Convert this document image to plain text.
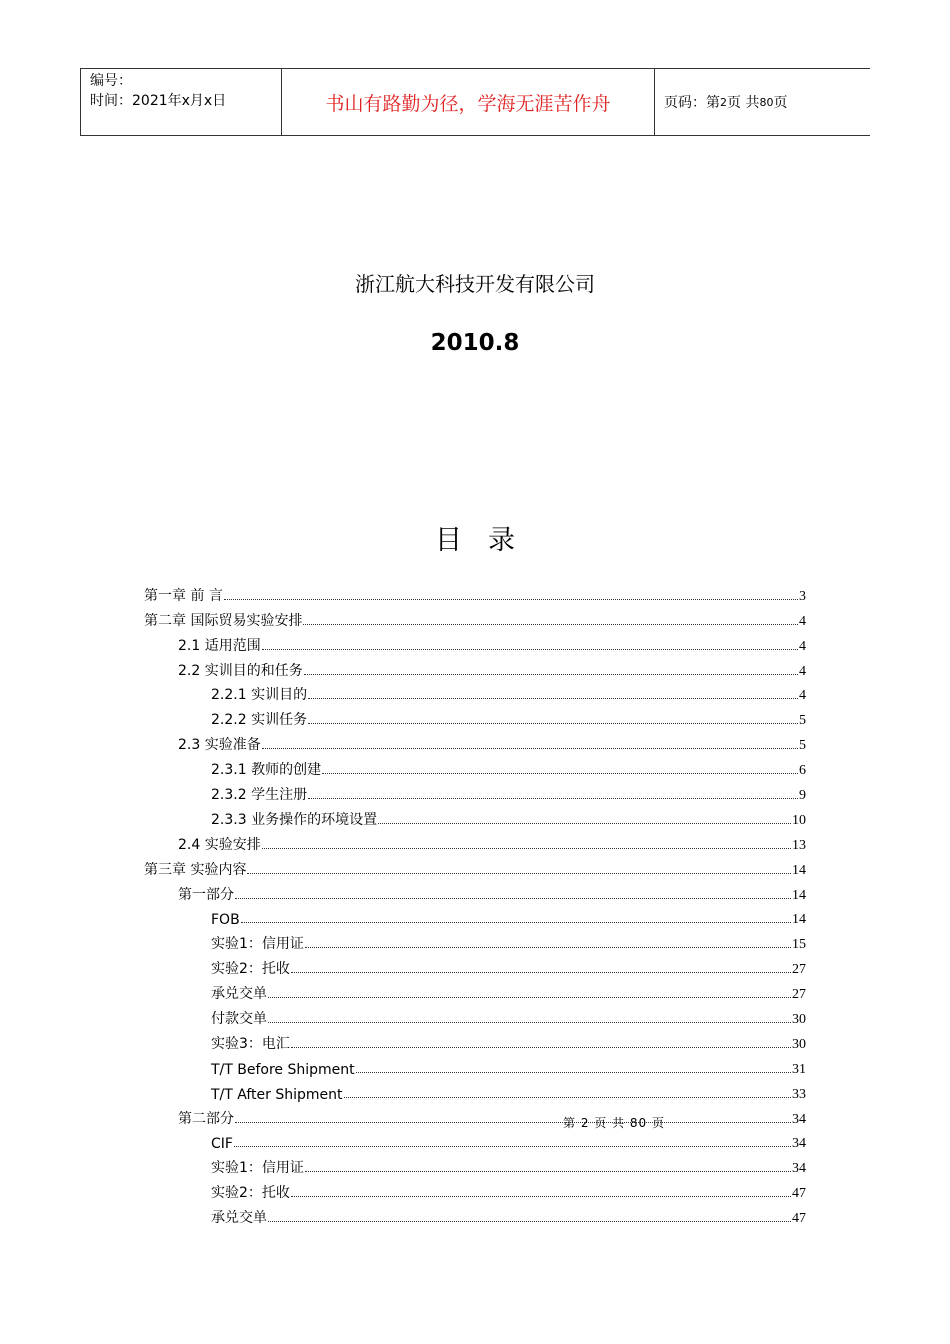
编号：
时间：2021年x月x日	书山有路勤为径，学海无涯苦作舟	页码：第 2 页 共 80 页
浙江航大科技开发有限公司
2010.8
目录
第一章 前 言	3
第二章 国际贸易实验安排	4
2.1 适用范围	4
2.2 实训目的和任务	4
2.2.1 实训目的	4
2.2.2 实训任务	5
2.3 实验准备	5
2.3.1 教师的创建	6
2.3.2 学生注册	9
2.3.3 业务操作的环境设置	10
2.4 实验安排	13
第三章 实验内容	14
第一部分	14
FOB	14
实验1：信用证	15
实验2：托收	27
承兑交单	27
付款交单	30
实验3：电汇	30
T/T Before Shipment	31
T/T After Shipment	33
第二部分	34
CIF	34
实验1：信用证	34
实验2：托收	47
承兑交单	47
第 2 页 共 80 页
